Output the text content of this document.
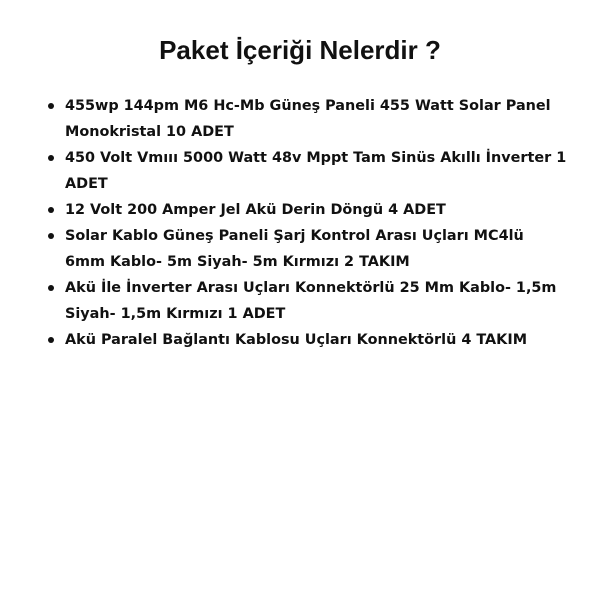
Paket İçeriği Nelerdir ?
455wp 144pm M6 Hc-Mb Güneş Paneli 455 Watt Solar Panel Monokristal 10 ADET
450 Volt Vmııı 5000 Watt 48v Mppt Tam Sinüs Akıllı İnverter 1 ADET
12 Volt 200 Amper Jel Akü Derin Döngü 4 ADET
Solar Kablo Güneş Paneli Şarj Kontrol Arası Uçları MC4lü 6mm Kablo- 5m Siyah- 5m Kırmızı 2 TAKIM
Akü İle İnverter Arası Uçları Konnektörlü 25 Mm Kablo- 1,5m Siyah- 1,5m Kırmızı 1 ADET
Akü Paralel Bağlantı Kablosu Uçları Konnektörlü 4 TAKIM
